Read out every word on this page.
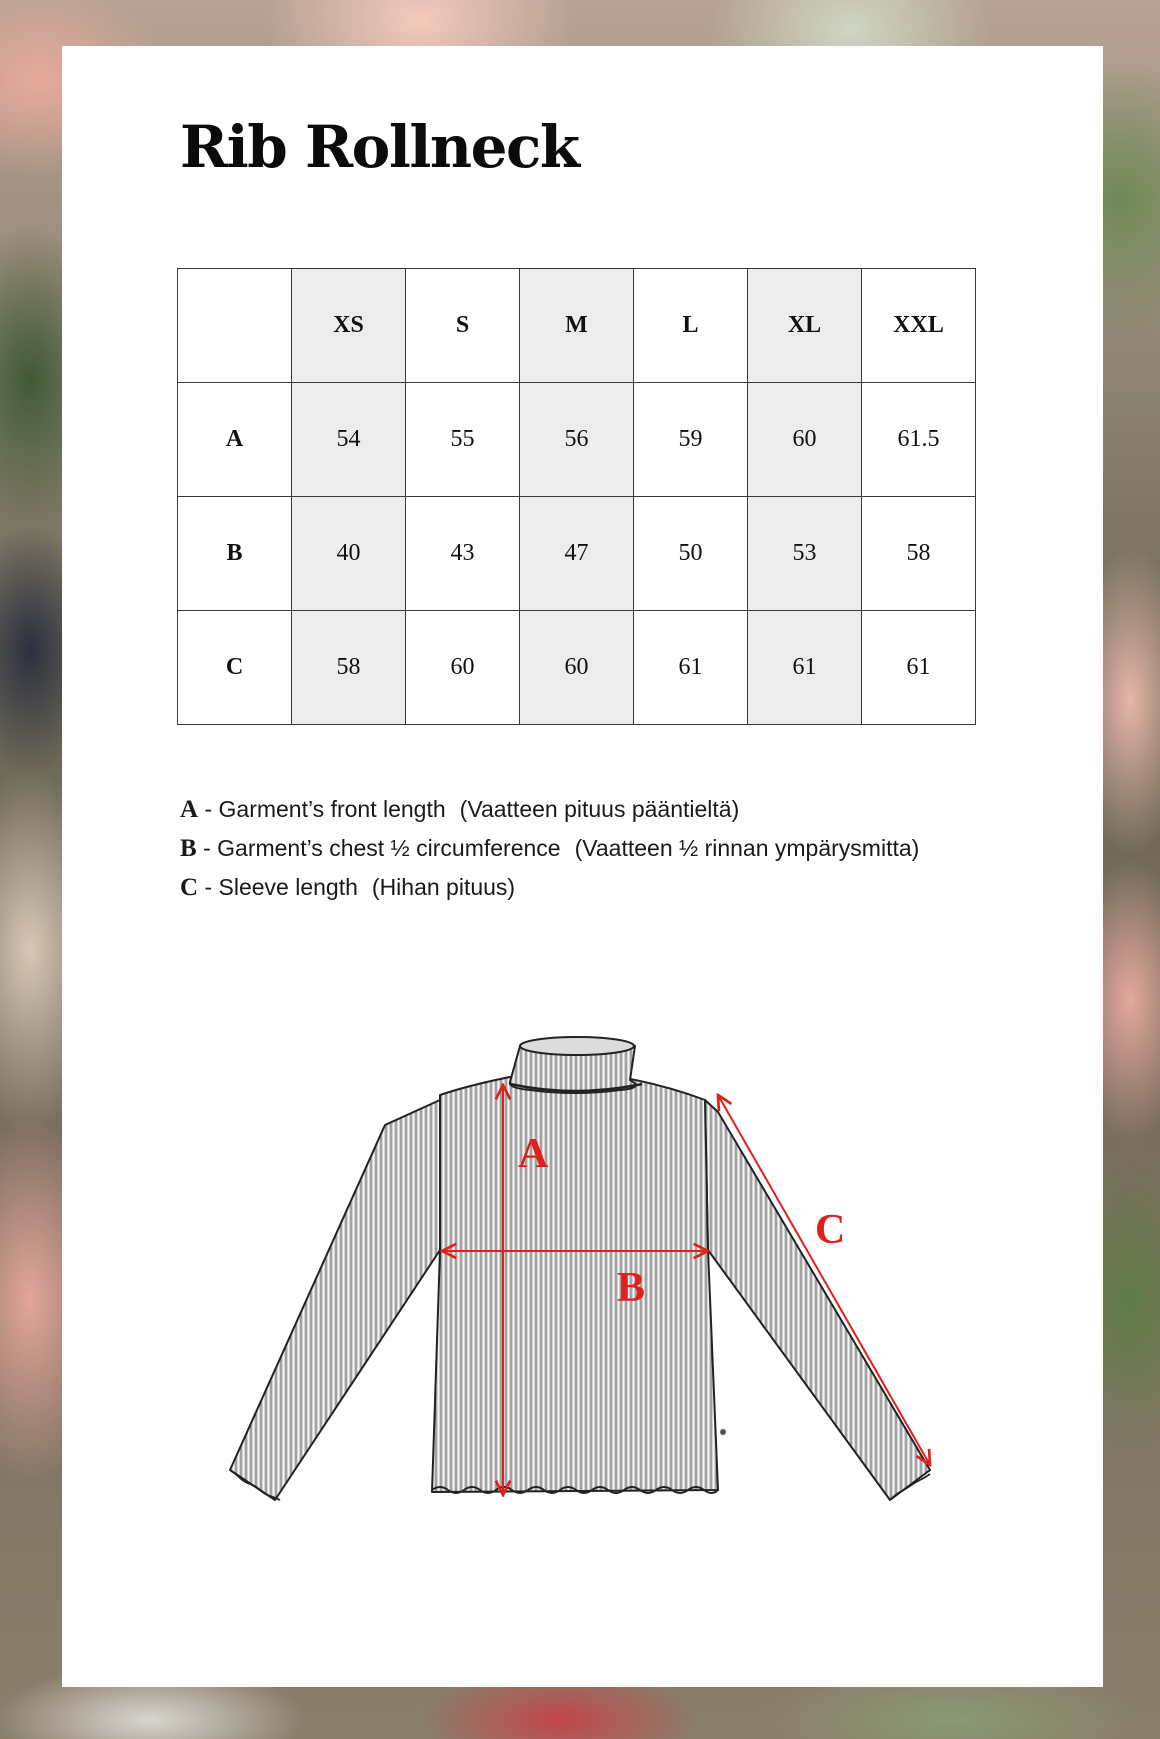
Rib Rollneck
	XS	S	M	L	XL	XXL
A	54	55	56	59	60	61.5
B	40	43	47	50	53	58
C	58	60	60	61	61	61
A - Garment’s front length (Vaatteen pituus pääntieltä)
B - Garment’s chest ½ circumference (Vaatteen ½ rinnan ympärysmitta)
C - Sleeve length (Hihan pituus)
A
B
C
